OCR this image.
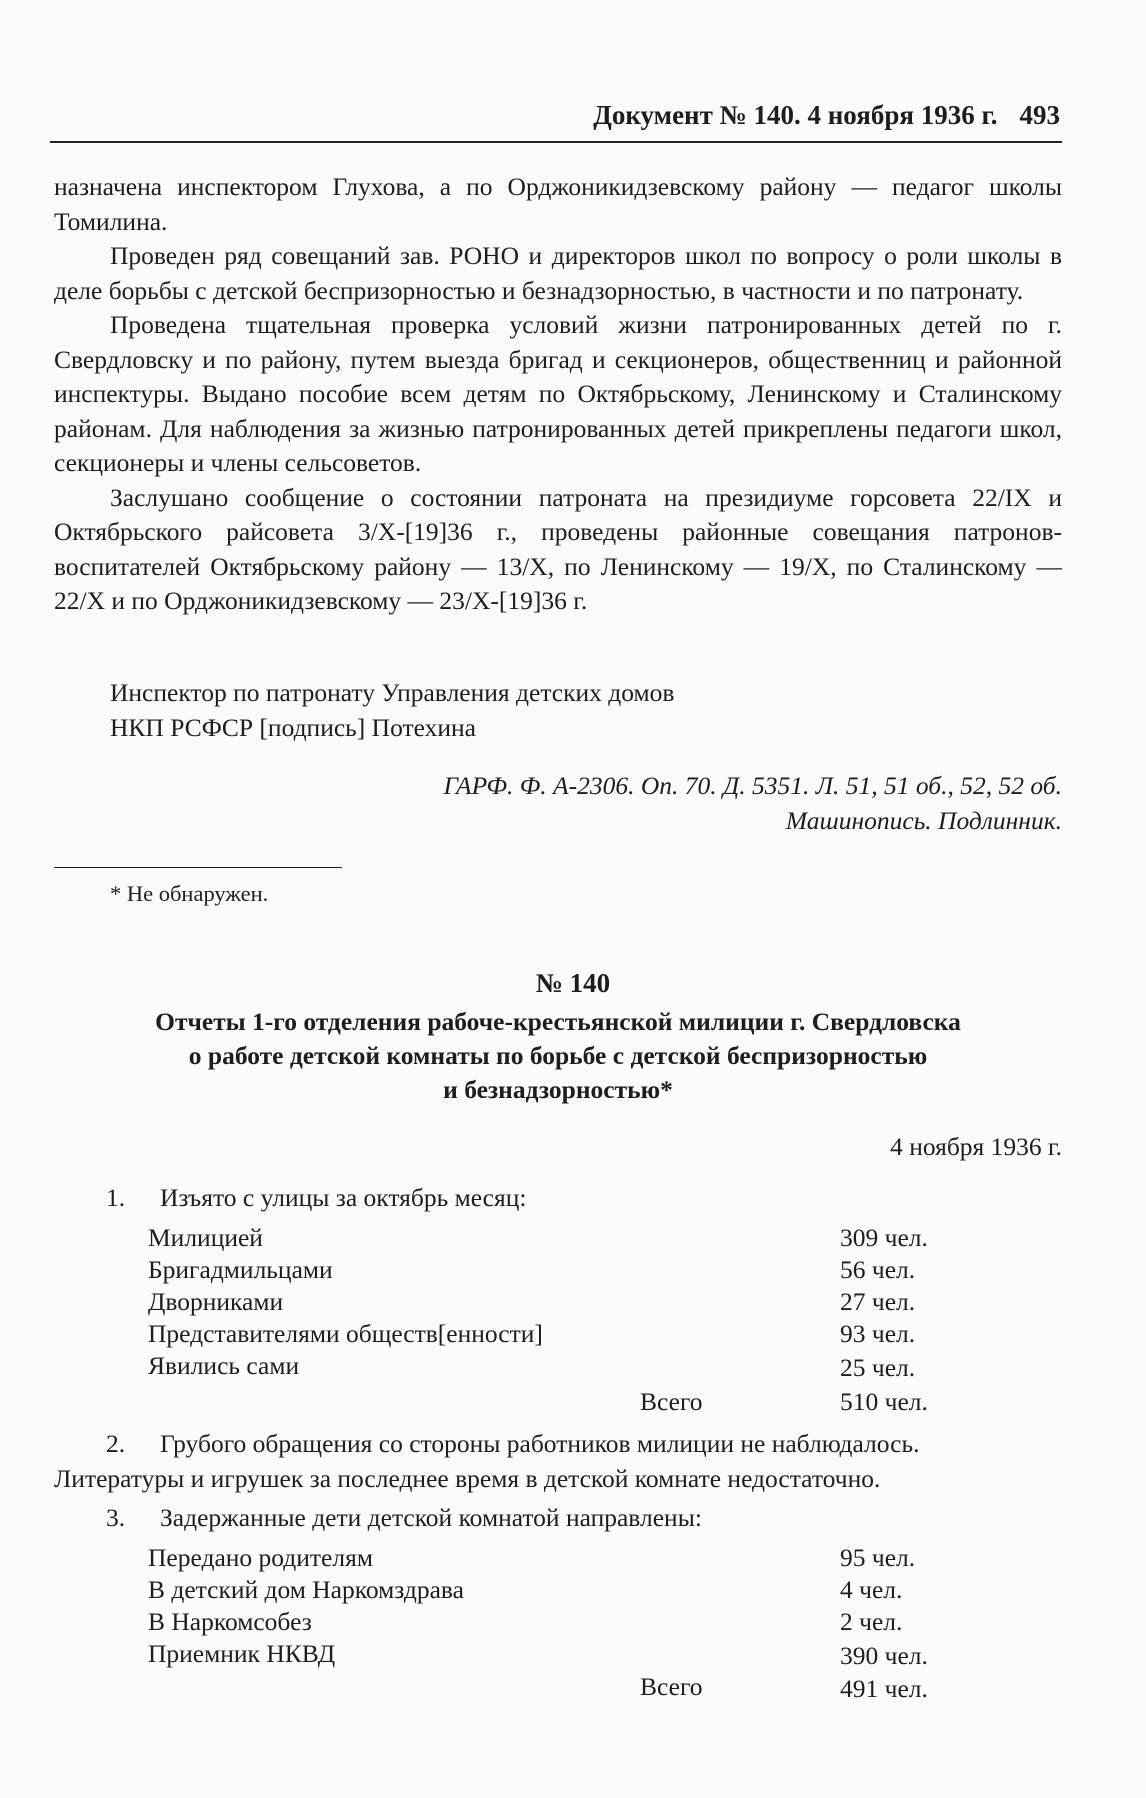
Документ № 140. 4 ноября 1936 г. 493

назначена инспектором Глухова, а по Орджоникидзевскому району — педагог школы Томилина.

Проведен ряд совещаний зав. РОНО и директоров школ по вопросу о роли школы в деле борьбы с детской беспризорностью и безнадзорностью, в частности и по патронату.

Проведена тщательная проверка условий жизни патронированных детей по г. Свердловску и по району, путем выезда бригад и секционеров, общественниц и районной инспектуры. Выдано пособие всем детям по Октябрьскому, Ленинскому и Сталинскому районам. Для наблюдения за жизнью патронированных детей прикреплены педагоги школ, секционеры и члены сельсоветов.

Заслушано сообщение о состоянии патроната на президиуме горсовета 22/IX и Октябрьского райсовета 3/X-[19]36 г., проведены районные совещания патронов-воспитателей Октябрьскому району — 13/X, по Ленинскому — 19/X, по Сталинскому — 22/X и по Орджоникидзевскому — 23/X-[19]36 г.

Инспектор по патронату Управления детских домов
НКП РСФСР [подпись] Потехина
ГАРФ. Ф. А-2306. Оп. 70. Д. 5351. Л. 51, 51 об., 52, 52 об.
Машинопись. Подлинник.
* Не обнаружен.
№ 140
Отчеты 1-го отделения рабоче-крестьянской милиции г. Свердловска
о работе детской комнаты по борьбе с детской беспризорностью
и безнадзорностью*
4 ноября 1936 г.
1. Изъято с улицы за октябрь месяц:
Милицией	309 чел.
Бригадмильцами	56 чел.
Дворниками	27 чел.
Представителями обществ[енности]	93 чел.
Явились сами	25 чел.
Всего	510 чел.
2. Грубого обращения со стороны работников милиции не наблюдалось.
Литературы и игрушек за последнее время в детской комнате недостаточно.
3. Задержанные дети детской комнатой направлены:
Передано родителям	95 чел.
В детский дом Наркомздрава	4 чел.
В Наркомсобез	2 чел.
Приемник НКВД	390 чел.
Всего	491 чел.
